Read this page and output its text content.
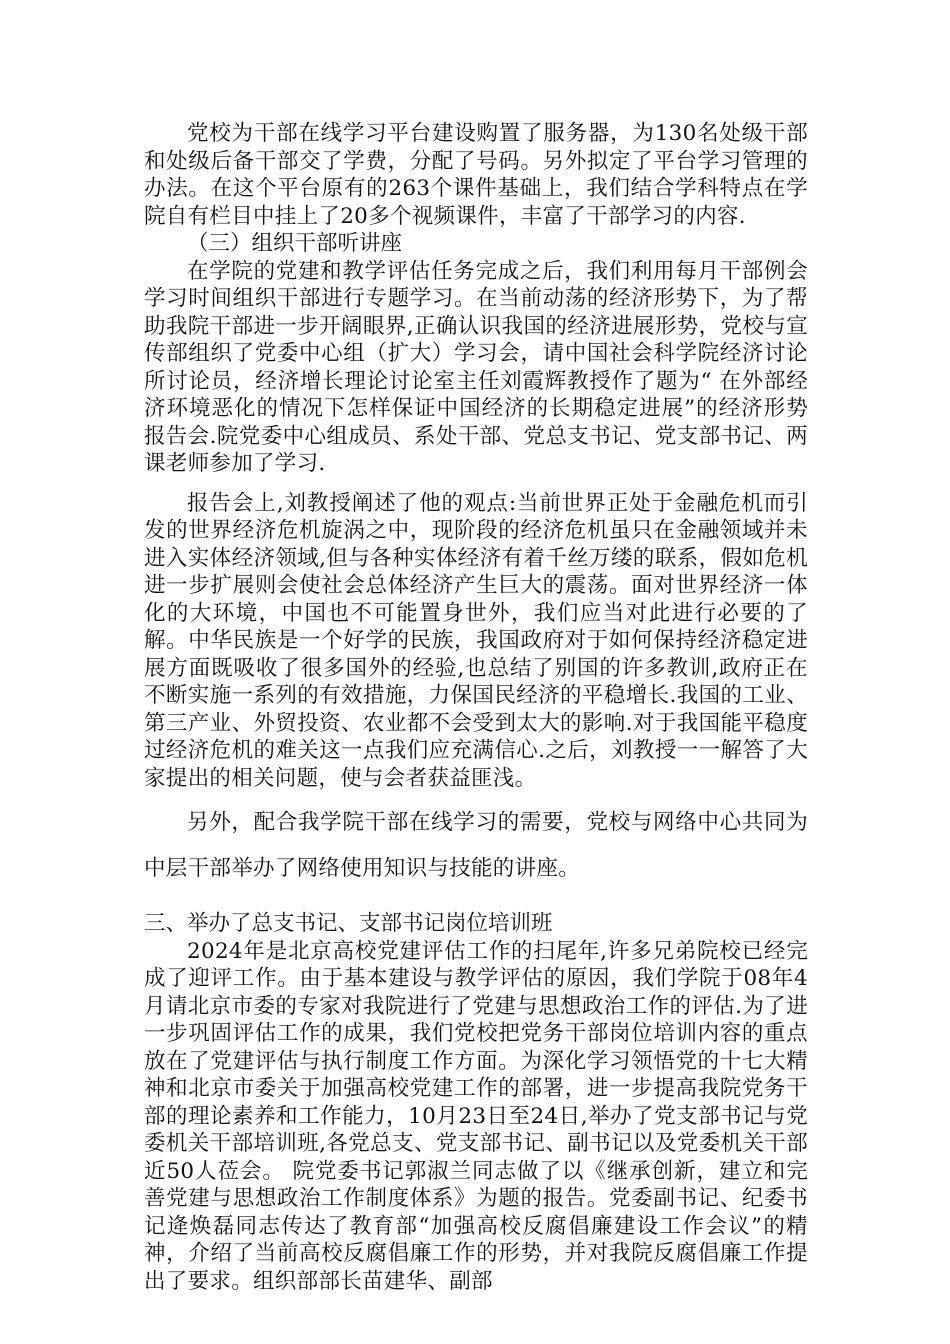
党校为干部在线学习平台建设购置了服务器，为130名处级干部和处级后备干部交了学费，分配了号码。另外拟定了平台学习管理的办法。在这个平台原有的263个课件基础上，我们结合学科特点在学院自有栏目中挂上了20多个视频课件，丰富了干部学习的内容.

（三）组织干部听讲座

在学院的党建和教学评估任务完成之后，我们利用每月干部例会学习时间组织干部进行专题学习。在当前动荡的经济形势下，为了帮助我院干部进一步开阔眼界,正确认识我国的经济进展形势，党校与宣传部组织了党委中心组（扩大）学习会，请中国社会科学院经济讨论所讨论员，经济增长理论讨论室主任刘霞辉教授作了题为“ 在外部经济环境恶化的情况下怎样保证中国经济的长期稳定进展”的经济形势报告会.院党委中心组成员、系处干部、党总支书记、党支部书记、两课老师参加了学习.

报告会上,刘教授阐述了他的观点:当前世界正处于金融危机而引发的世界经济危机旋涡之中，现阶段的经济危机虽只在金融领域并未进入实体经济领域,但与各种实体经济有着千丝万缕的联系，假如危机进一步扩展则会使社会总体经济产生巨大的震荡。面对世界经济一体化的大环境，中国也不可能置身世外，我们应当对此进行必要的了解。中华民族是一个好学的民族，我国政府对于如何保持经济稳定进展方面既吸收了很多国外的经验,也总结了别国的许多教训,政府正在不断实施一系列的有效措施，力保国民经济的平稳增长.我国的工业、第三产业、外贸投资、农业都不会受到太大的影响.对于我国能平稳度过经济危机的难关这一点我们应充满信心.之后，刘教授一一解答了大家提出的相关问题，使与会者获益匪浅。

另外，配合我学院干部在线学习的需要，党校与网络中心共同为中层干部举办了网络使用知识与技能的讲座。

三、举办了总支书记、支部书记岗位培训班

2024年是北京高校党建评估工作的扫尾年,许多兄弟院校已经完成了迎评工作。由于基本建设与教学评估的原因，我们学院于08年4月请北京市委的专家对我院进行了党建与思想政治工作的评估.为了进一步巩固评估工作的成果，我们党校把党务干部岗位培训内容的重点放在了党建评估与执行制度工作方面。为深化学习领悟党的十七大精神和北京市委关于加强高校党建工作的部署，进一步提高我院党务干部的理论素养和工作能力，10月23日至24日,举办了党支部书记与党委机关干部培训班,各党总支、党支部书记、副书记以及党委机关干部近50人莅会。 院党委书记郭淑兰同志做了以《继承创新，建立和完善党建与思想政治工作制度体系》为题的报告。党委副书记、纪委书记逄焕磊同志传达了教育部“加强高校反腐倡廉建设工作会议”的精神，介绍了当前高校反腐倡廉工作的形势，并对我院反腐倡廉工作提出了要求。组织部部长苗建华、副部
